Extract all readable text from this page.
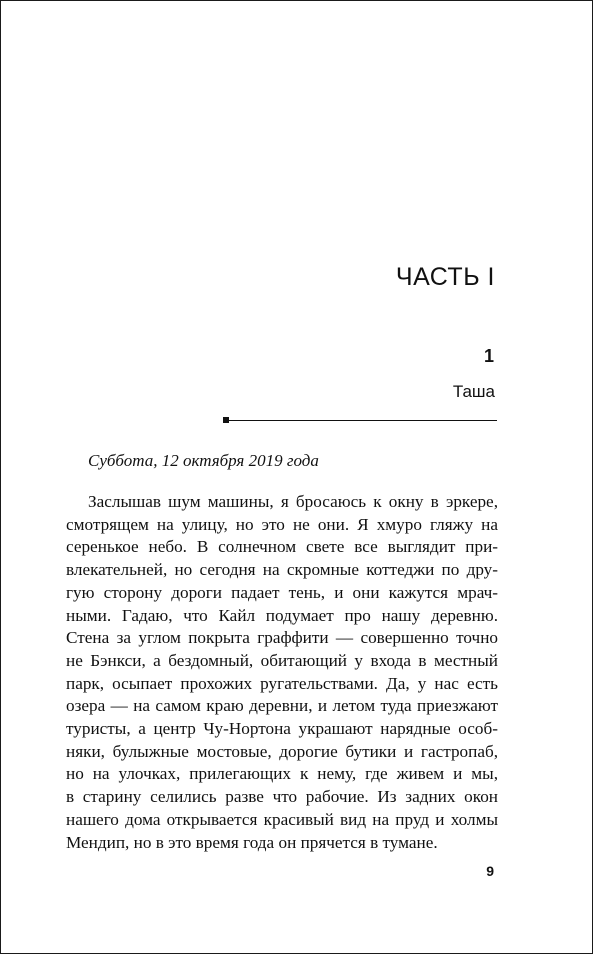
ЧАСТЬ I
1
Таша

Суббота, 12 октября 2019 года

Заслышав шум машины, я бросаюсь к окну в эркере,
смотрящем на улицу, но это не они. Я хмуро гляжу на
серенькое небо. В солнечном свете все выглядит при-
влекательней, но сегодня на скромные коттеджи по дру-
гую сторону дороги падает тень, и они кажутся мрач-
ными. Гадаю, что Кайл подумает про нашу деревню.
Стена за углом покрыта граффити — совершенно точно
не Бэнкси, а бездомный, обитающий у входа в местный
парк, осыпает прохожих ругательствами. Да, у нас есть
озера — на самом краю деревни, и летом туда приезжают
туристы, а центр Чу-Нортона украшают нарядные особ-
няки, булыжные мостовые, дорогие бутики и гастропаб,
но на улочках, прилегающих к нему, где живем и мы,
в старину селились разве что рабочие. Из задних окон
нашего дома открывается красивый вид на пруд и холмы
Мендип, но в это время года он прячется в тумане.

9
